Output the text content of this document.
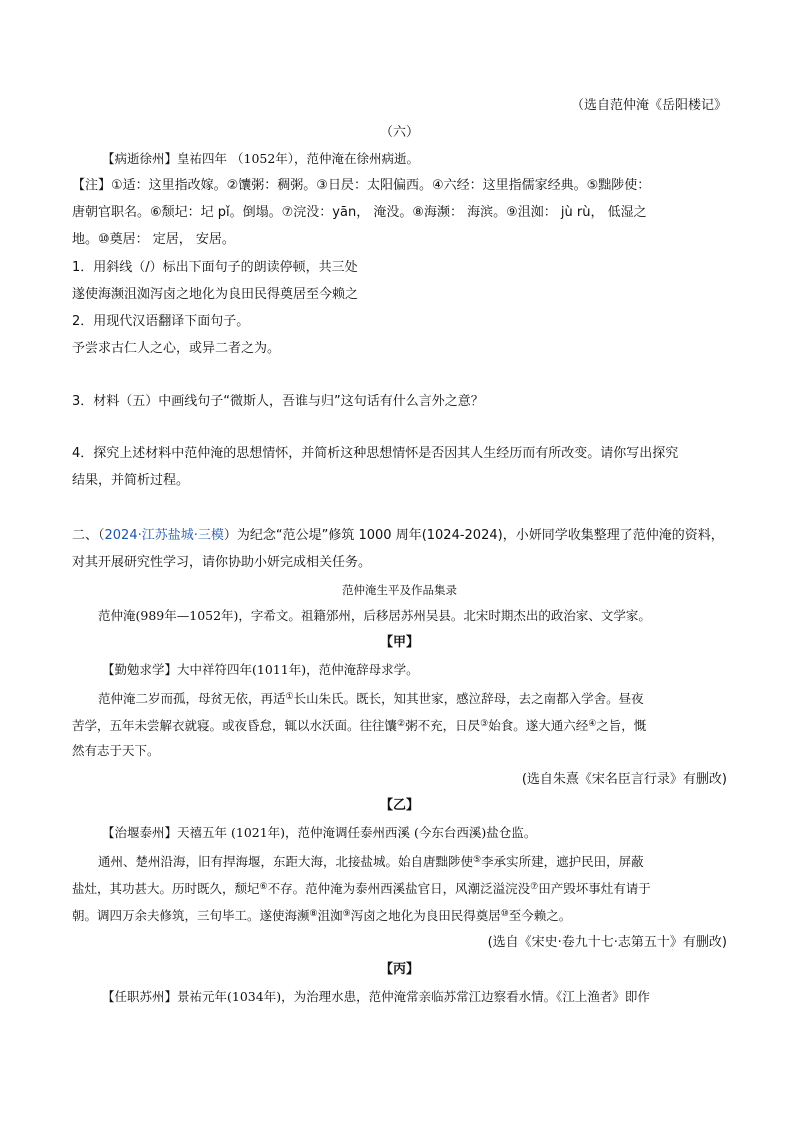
（选自范仲淹《岳阳楼记》
（六）
【病逝徐州】皇祐四年 （1052年），范仲淹在徐州病逝。
【注】①适：这里指改嫁。②馕粥：稠粥。③日昃：太阳偏西。④六经：这里指儒家经典。⑤黜陟使：
唐朝官职名。⑥颓圮：圮 pǐ。倒塌。⑦浣没：yān， 淹没。⑧海濒： 海滨。⑨沮洳： jù rù， 低湿之
地。⑩奠居： 定居， 安居。
1．用斜线（/）标出下面句子的朗读停顿，共三处
遂使海濒沮洳泻卤之地化为良田民得奠居至今赖之
2．用现代汉语翻译下面句子。
予尝求古仁人之心，或异二者之为。
3．材料（五）中画线句子“微斯人，吾谁与归”这句话有什么言外之意？
4．探究上述材料中范仲淹的思想情怀，并简析这种思想情怀是否因其人生经历而有所改变。请你写出探究
结果，并简析过程。
二、（2024·江苏盐城·三模）为纪念“范公堤”修筑 1000 周年(1024-2024)，小妍同学收集整理了范仲淹的资料，
对其开展研究性学习，请你协助小妍完成相关任务。
范仲淹生平及作品集录
范仲淹(989年—1052年)，字希文。祖籍邠州，后移居苏州吴县。北宋时期杰出的政治家、文学家。
【甲】
【勤勉求学】大中祥符四年(1011年)，范仲淹辞母求学。
范仲淹二岁而孤，母贫无依，再适①长山朱氏。既长，知其世家，感泣辞母，去之南都入学舍。昼夜
苦学，五年未尝解衣就寝。或夜昏怠，辄以水沃面。往往馕②粥不充，日昃③始食。遂大通六经④之旨，慨
然有志于天下。
(选自朱熹《宋名臣言行录》有删改)
【乙】
【治堰泰州】天禧五年 (1021年)，范仲淹调任泰州西溪 (今东台西溪)盐仓监。
通州、楚州沿海，旧有捍海堰，东距大海，北接盐城。始自唐黜陟使⑤李承实所建，遮护民田，屏蔽
盐灶，其功甚大。历时既久，颓圮⑥不存。范仲淹为泰州西溪盐官日，风潮泛溢浣没⑦田产毁坏事灶有请于
朝。调四万余夫修筑，三旬毕工。遂使海濒⑧沮洳⑨泻卤之地化为良田民得奠居⑩至今赖之。
(选自《宋史·卷九十七·志第五十》有删改)
【丙】
【任职苏州】景祐元年(1034年)，为治理水患，范仲淹常亲临苏常江边察看水情。《江上渔者》即作
